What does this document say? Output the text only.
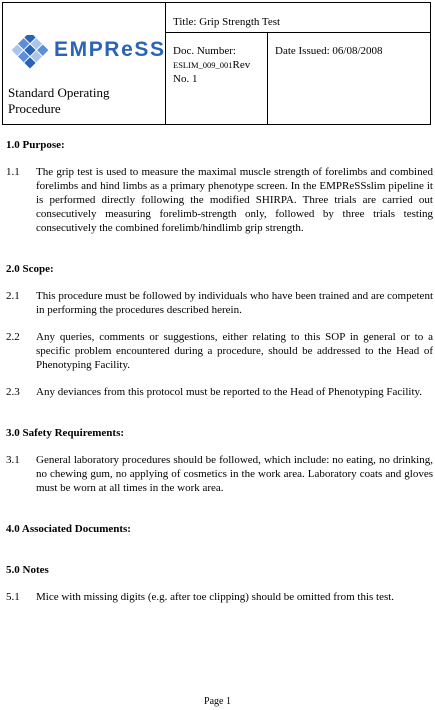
EMPReSS
Standard Operating Procedure
Title: Grip Strength Test
Doc. Number:
ESLIM_009_001Rev
No. 1
Date Issued: 06/08/2008

1.0 Purpose:

1.1 The grip test is used to measure the maximal muscle strength of forelimbs and combined forelimbs and hind limbs as a primary phenotype screen. In the EMPReSSslim pipeline it is performed directly following the modified SHIRPA. Three trials are carried out consecutively measuring forelimb-strength only, followed by three trials testing consecutively the combined forelimb/hindlimb grip strength.

2.0 Scope:

2.1 This procedure must be followed by individuals who have been trained and are competent in performing the procedures described herein.
2.2 Any queries, comments or suggestions, either relating to this SOP in general or to a specific problem encountered during a procedure, should be addressed to the Head of Phenotyping Facility.
2.3 Any deviances from this protocol must be reported to the Head of Phenotyping Facility.

3.0 Safety Requirements:

3.1 General laboratory procedures should be followed, which include: no eating, no drinking, no chewing gum, no applying of cosmetics in the work area. Laboratory coats and gloves must be worn at all times in the work area.

4.0 Associated Documents:

5.0 Notes

5.1 Mice with missing digits (e.g. after toe clipping) should be omitted from this test.
Page 1
